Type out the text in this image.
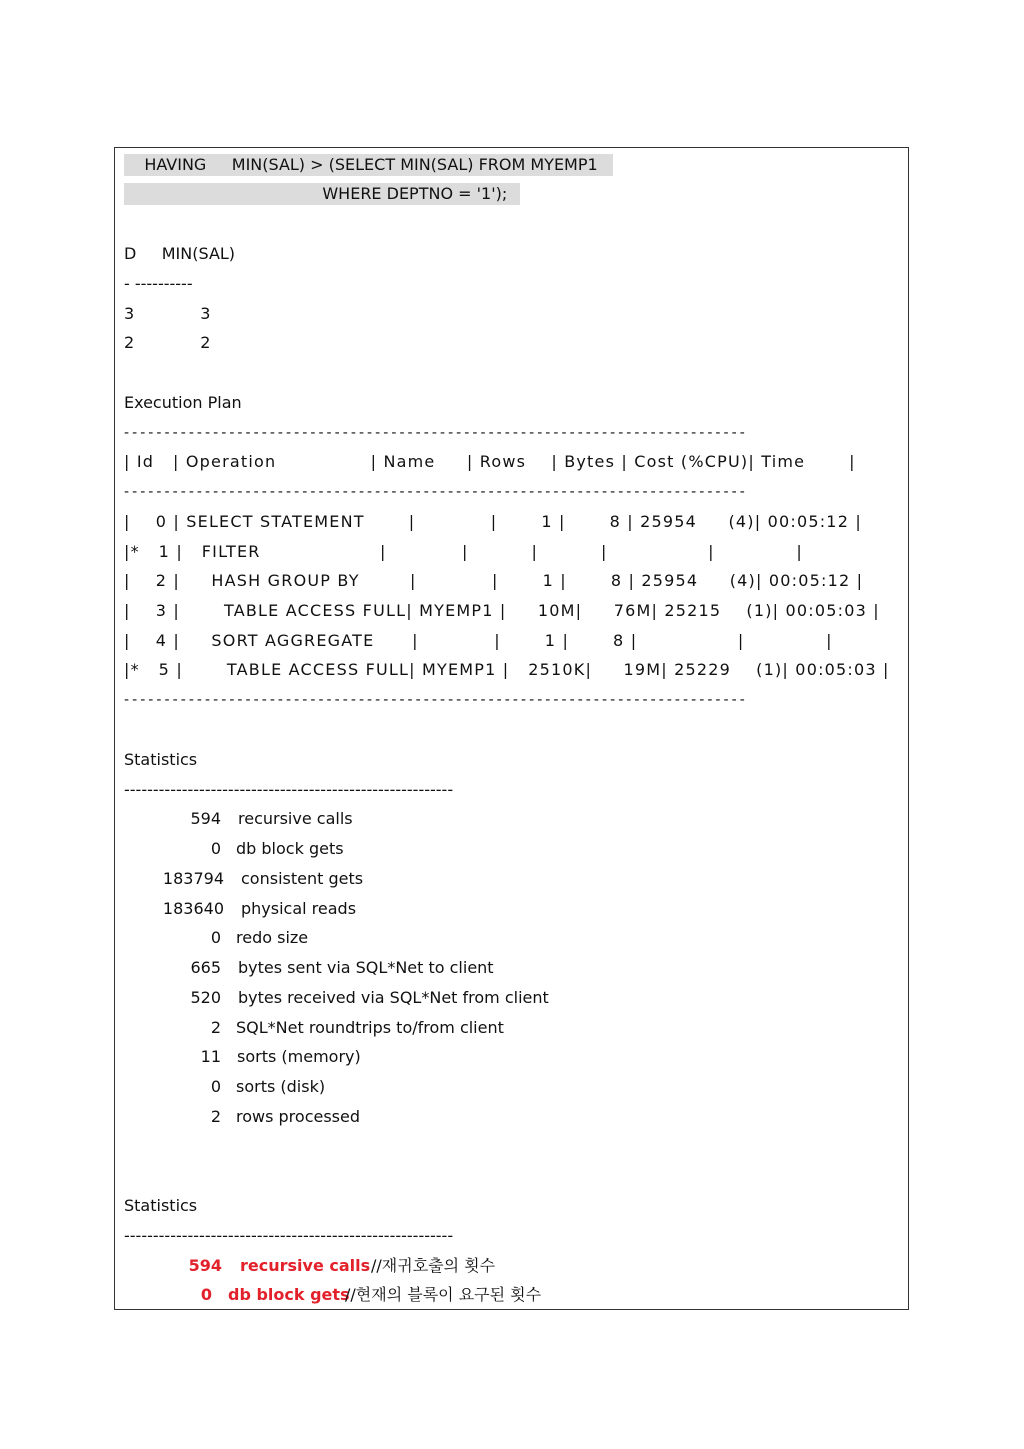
HAVING     MIN(SAL) > (SELECT MIN(SAL) FROM MYEMP1
WHERE DEPTNO = '1');
D     MIN(SAL)
- ----------
3             3
2             2
Execution Plan
-----------------------------------------------------------------------------
| Id   | Operation               | Name     | Rows    | Bytes | Cost (%CPU)| Time       |
-----------------------------------------------------------------------------
|    0 | SELECT STATEMENT       |            |       1 |       8 | 25954     (4)| 00:05:12 |
|*   1 |   FILTER                   |            |          |          |                |             |
|    2 |     HASH GROUP BY        |            |       1 |       8 | 25954     (4)| 00:05:12 |
|    3 |       TABLE ACCESS FULL| MYEMP1 |     10M|     76M| 25215    (1)| 00:05:03 |
|    4 |     SORT AGGREGATE      |            |       1 |       8 |                |             |
|*   5 |       TABLE ACCESS FULL| MYEMP1 |   2510K|     19M| 25229    (1)| 00:05:03 |
-----------------------------------------------------------------------------
Statistics
---------------------------------------------------------
594 recursive calls
0 db block gets
183794 consistent gets
183640 physical reads
0 redo size
665 bytes sent via SQL*Net to client
520 bytes received via SQL*Net from client
2 SQL*Net roundtrips to/from client
11 sorts (memory)
0 sorts (disk)
2 rows processed
Statistics
---------------------------------------------------------
594 recursive calls //재귀호출의 횟수
0 db block gets
//현재의 블록이 요구된 횟수
